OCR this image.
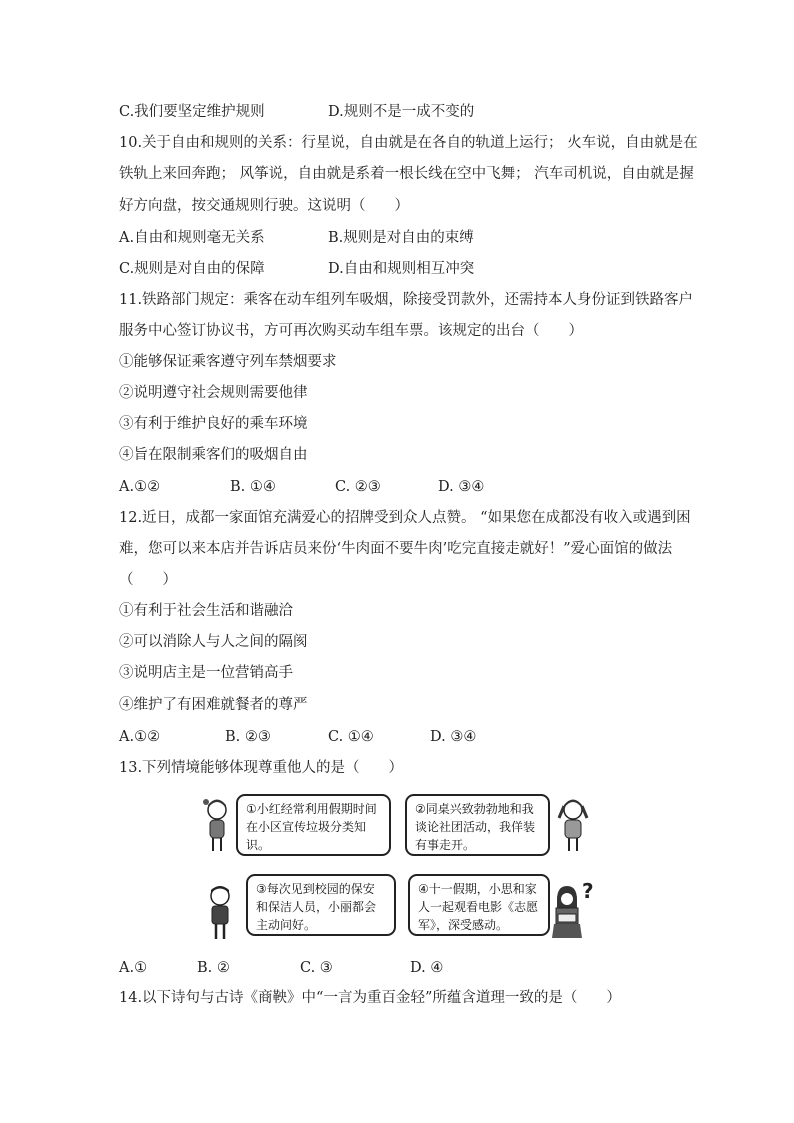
C.我们要坚定维护规则	D.规则不是一成不变的
10.关于自由和规则的关系：行星说，自由就是在各自的轨道上运行； 火车说，自由就是在
铁轨上来回奔跑； 风筝说，自由就是系着一根长线在空中飞舞； 汽车司机说，自由就是握
好方向盘，按交通规则行驶。这说明（　　）
A.自由和规则毫无关系	B.规则是对自由的束缚
C.规则是对自由的保障	D.自由和规则相互冲突
11.铁路部门规定：乘客在动车组列车吸烟，除接受罚款外，还需持本人身份证到铁路客户
服务中心签订协议书，方可再次购买动车组车票。该规定的出台（　　）
①能够保证乘客遵守列车禁烟要求
②说明遵守社会规则需要他律
③有利于维护良好的乘车环境
④旨在限制乘客们的吸烟自由
A.①②	B. ①④	C. ②③	D. ③④
12.近日，成都一家面馆充满爱心的招牌受到众人点赞。 “如果您在成都没有收入或遇到困
难，您可以来本店并告诉店员来份‘牛肉面不要牛肉’吃完直接走就好！”爱心面馆的做法
（　　）
①有利于社会生活和谐融洽
②可以消除人与人之间的隔阂
③说明店主是一位营销高手
④维护了有困难就餐者的尊严
A.①②	B. ②③	C. ①④	D. ③④
13.下列情境能够体现尊重他人的是（　　）
①小红经常利用假期时间在小区宣传垃圾分类知识。
②同桌兴致勃勃地和我谈论社团活动，我佯装有事走开。
③每次见到校园的保安和保洁人员，小丽都会主动问好。
④十一假期，小思和家人一起观看电影《志愿军》，深受感动。
?
A.①	B. ②	C. ③	D. ④
14.以下诗句与古诗《商鞅》中“一言为重百金轻”所蕴含道理一致的是（　　）
